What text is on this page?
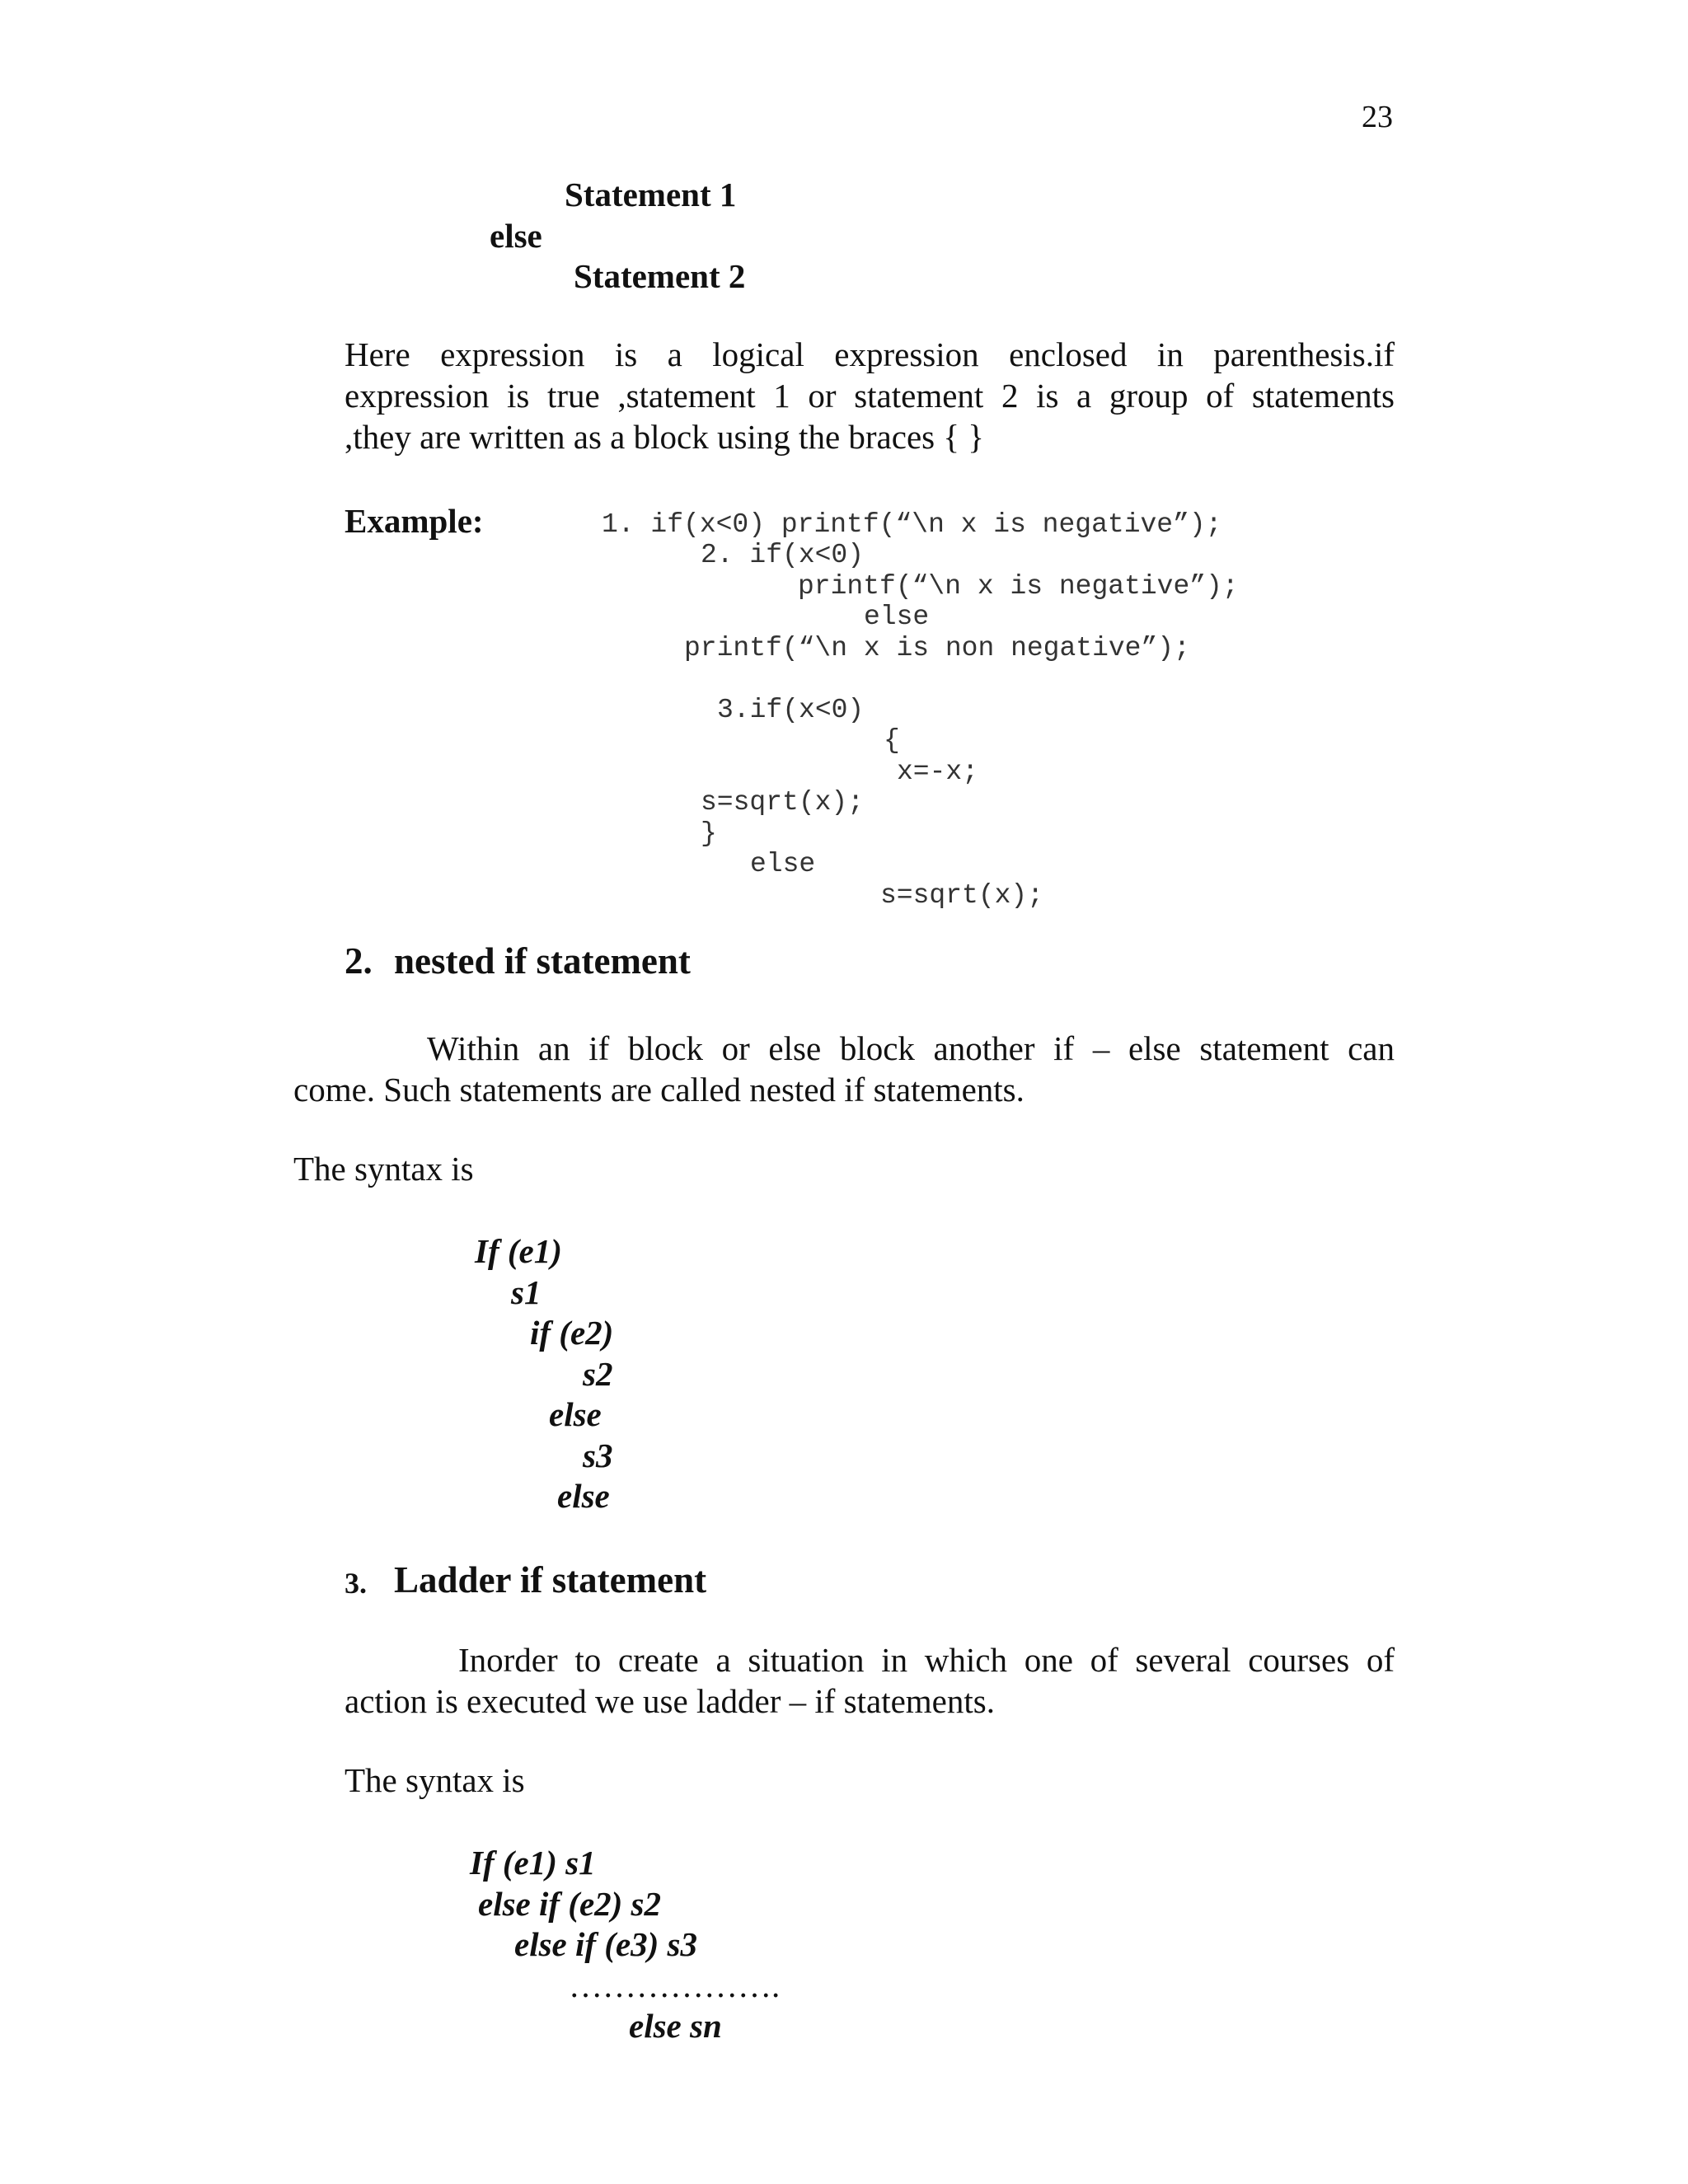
23
Statement 1
else
Statement 2
Here expression is a logical expression enclosed in parenthesis.if
expression is true ,statement 1 or statement 2 is a group of statements
,they are written as a block using the braces { }
Example:	1. if(x<0) printf(“\n x is negative”);
2. if(x<0)
printf(“\n x is negative”);
else
printf(“\n x is non negative”);
3.if(x<0)
{
x=-x;
s=sqrt(x);
}
else
s=sqrt(x);
2. nested if statement
Within an if block or else block another if – else statement can
come. Such statements are called nested if statements.
The syntax is
If (e1)
s1
if (e2)
s2
else
s3
else
3. Ladder if statement
Inorder to create a situation in which one of several courses of
action is executed we use ladder – if statements.
The syntax is
If (e1) s1
else if (e2) s2
else if (e3) s3
……………….
else sn
